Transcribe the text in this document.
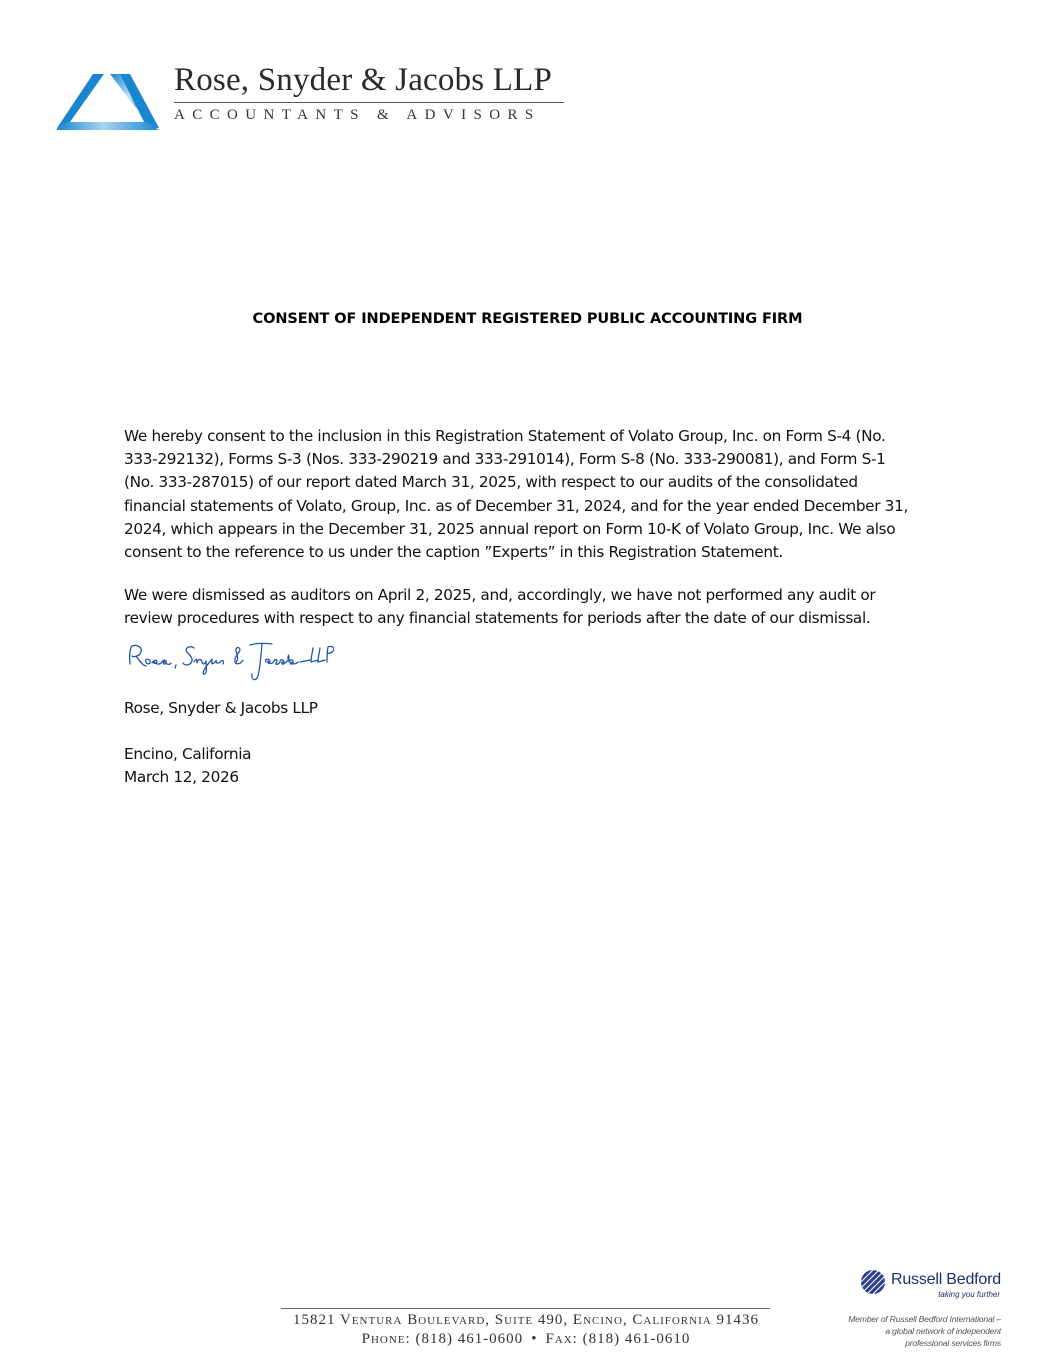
Rose, Snyder & Jacobs LLP
ACCOUNTANTS & ADVISORS
CONSENT OF INDEPENDENT REGISTERED PUBLIC ACCOUNTING FIRM
We hereby consent to the inclusion in this Registration Statement of Volato Group, Inc. on Form S-4 (No.
333-292132), Forms S-3 (Nos. 333-290219 and 333-291014), Form S-8 (No. 333-290081), and Form S-1
(No. 333-287015) of our report dated March 31, 2025, with respect to our audits of the consolidated
financial statements of Volato, Group, Inc. as of December 31, 2024, and for the year ended December 31,
2024, which appears in the December 31, 2025 annual report on Form 10-K of Volato Group, Inc. We also
consent to the reference to us under the caption ”Experts” in this Registration Statement.
We were dismissed as auditors on April 2, 2025, and, accordingly, we have not performed any audit or
review procedures with respect to any financial statements for periods after the date of our dismissal.
Rose, Snyder & Jacobs LLP
Encino, California
March 12, 2026
15821 Ventura Boulevard, Suite 490, Encino, California 91436
Phone: (818) 461-0600 • Fax: (818) 461-0610
Russell Bedford
taking you further
Member of Russell Bedford International –
a global network of independent
professional services firms
